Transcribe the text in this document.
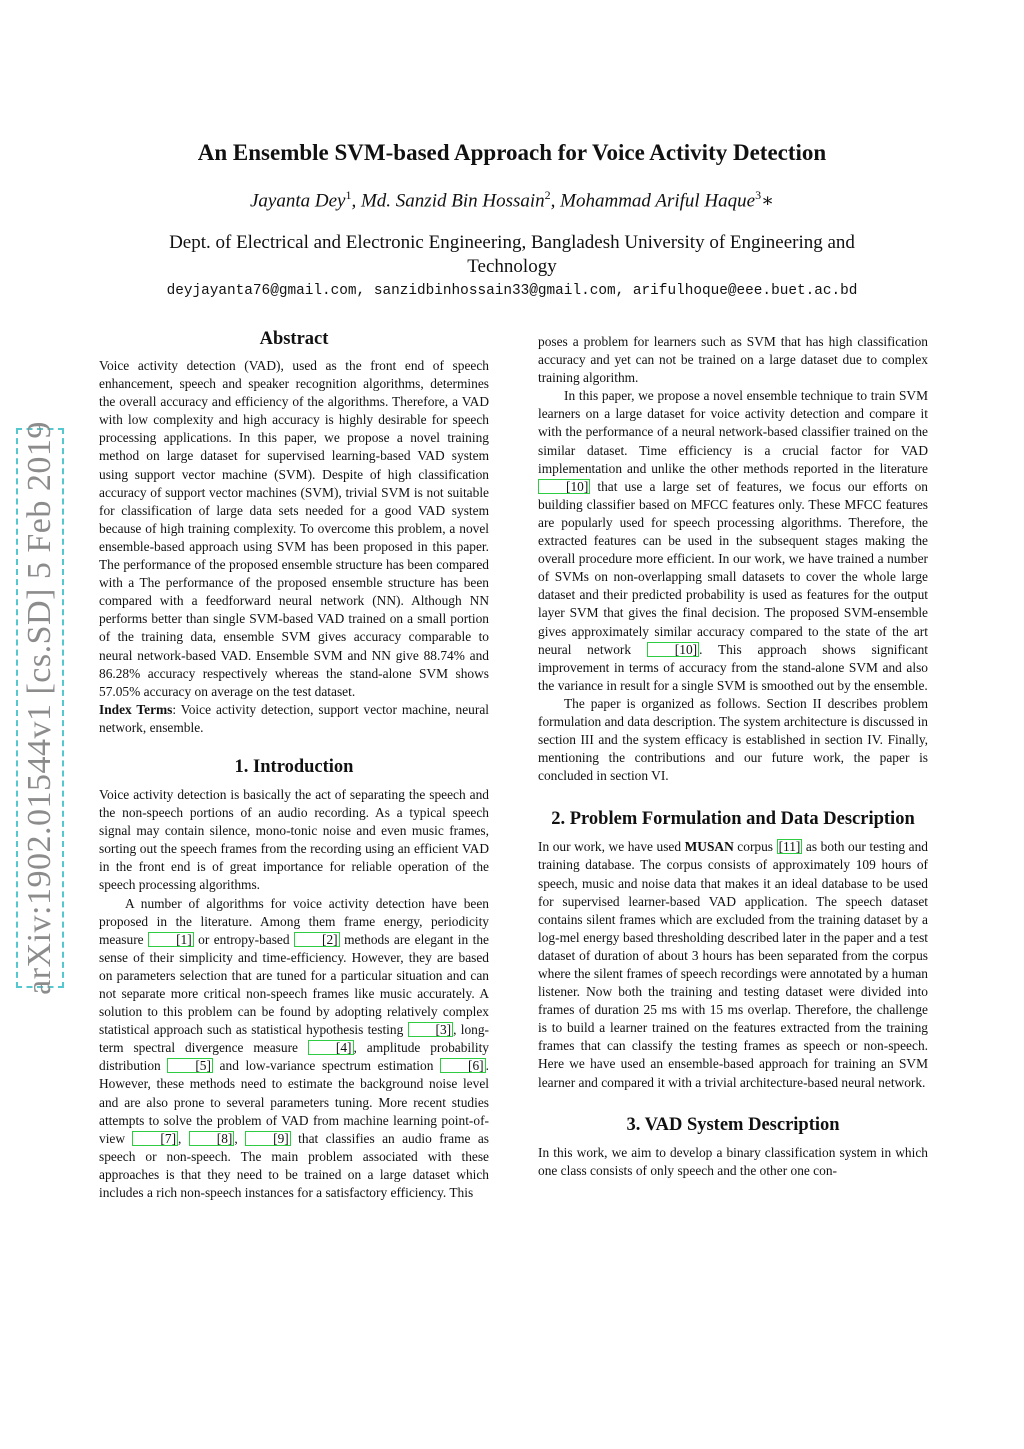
arXiv:1902.01544v1 [cs.SD] 5 Feb 2019
An Ensemble SVM-based Approach for Voice Activity Detection
Jayanta Dey$^1$, Md. Sanzid Bin Hossain$^2$, Mohammad Ariful Haque$^3$∗
Dept. of Electrical and Electronic Engineering, Bangladesh University of Engineering and Technology
deyjayanta76@gmail.com, sanzidbinhossain33@gmail.com, arifulhoque@eee.buet.ac.bd
Abstract

Voice activity detection (VAD), used as the front end of speech enhancement, speech and speaker recognition algorithms, determines the overall accuracy and efficiency of the algorithms. Therefore, a VAD with low complexity and high accuracy is highly desirable for speech processing applications. In this paper, we propose a novel training method on large dataset for supervised learning-based VAD system using support vector machine (SVM). Despite of high classification accuracy of support vector machines (SVM), trivial SVM is not suitable for classification of large data sets needed for a good VAD system because of high training complexity. To overcome this problem, a novel ensemble-based approach using SVM has been proposed in this paper. The performance of the proposed ensemble structure has been compared with a The performance of the proposed ensemble structure has been compared with a feedforward neural network (NN). Although NN performs better than single SVM-based VAD trained on a small portion of the training data, ensemble SVM gives accuracy comparable to neural network-based VAD. Ensemble SVM and NN give 88.74% and 86.28% accuracy respectively whereas the stand-alone SVM shows 57.05% accuracy on average on the test dataset.

Index Terms: Voice activity detection, support vector machine, neural network, ensemble.

1. Introduction

Voice activity detection is basically the act of separating the speech and the non-speech portions of an audio recording. As a typical speech signal may contain silence, mono-tonic noise and even music frames, sorting out the speech frames from the recording using an efficient VAD in the front end is of great importance for reliable operation of the speech processing algorithms.

A number of algorithms for voice activity detection have been proposed in the literature. Among them frame energy, periodicity measure [1] or entropy-based [2] methods are elegant in the sense of their simplicity and time-efficiency. However, they are based on parameters selection that are tuned for a particular situation and can not separate more critical non-speech frames like music accurately. A solution to this problem can be found by adopting relatively complex statistical approach such as statistical hypothesis testing [3] , long-term spectral divergence measure [4] , amplitude probability distribution [5] and low-variance spectrum estimation [6] . However, these methods need to estimate the background noise level and are also prone to several parameters tuning. More recent studies attempts to solve the problem of VAD from machine learning point-of-view [7] , [8] , [9] that classifies an audio frame as speech or non-speech. The main problem associated with these approaches is that they need to be trained on a large dataset which includes a rich non-speech instances for a satisfactory efficiency. This

poses a problem for learners such as SVM that has high classification accuracy and yet can not be trained on a large dataset due to complex training algorithm.

In this paper, we propose a novel ensemble technique to train SVM learners on a large dataset for voice activity detection and compare it with the performance of a neural network-based classifier trained on the similar dataset. Time efficiency is a crucial factor for VAD implementation and unlike the other methods reported in the literature [10] that use a large set of features, we focus our efforts on building classifier based on MFCC features only. These MFCC features are popularly used for speech processing algorithms. Therefore, the extracted features can be used in the subsequent stages making the overall procedure more efficient. In our work, we have trained a number of SVMs on non-overlapping small datasets to cover the whole large dataset and their predicted probability is used as features for the output layer SVM that gives the final decision. The proposed SVM-ensemble gives approximately similar accuracy compared to the state of the art neural network [10] . This approach shows significant improvement in terms of accuracy from the stand-alone SVM and also the variance in result for a single SVM is smoothed out by the ensemble.

The paper is organized as follows. Section II describes problem formulation and data description. The system architecture is discussed in section III and the system efficacy is established in section IV. Finally, mentioning the contributions and our future work, the paper is concluded in section VI.

2. Problem Formulation and Data Description

In our work, we have used MUSAN corpus [11] as both our testing and training database. The corpus consists of approximately 109 hours of speech, music and noise data that makes it an ideal database to be used for supervised learner-based VAD application. The speech dataset contains silent frames which are excluded from the training dataset by a log-mel energy based thresholding described later in the paper and a test dataset of duration of about 3 hours has been separated from the corpus where the silent frames of speech recordings were annotated by a human listener. Now both the training and testing dataset were divided into frames of duration 25 ms with 15 ms overlap. Therefore, the challenge is to build a learner trained on the features extracted from the training frames that can classify the testing frames as speech or non-speech. Here we have used an ensemble-based approach for training an SVM learner and compared it with a trivial architecture-based neural network.

3. VAD System Description

In this work, we aim to develop a binary classification system in which one class consists of only speech and the other one con-
